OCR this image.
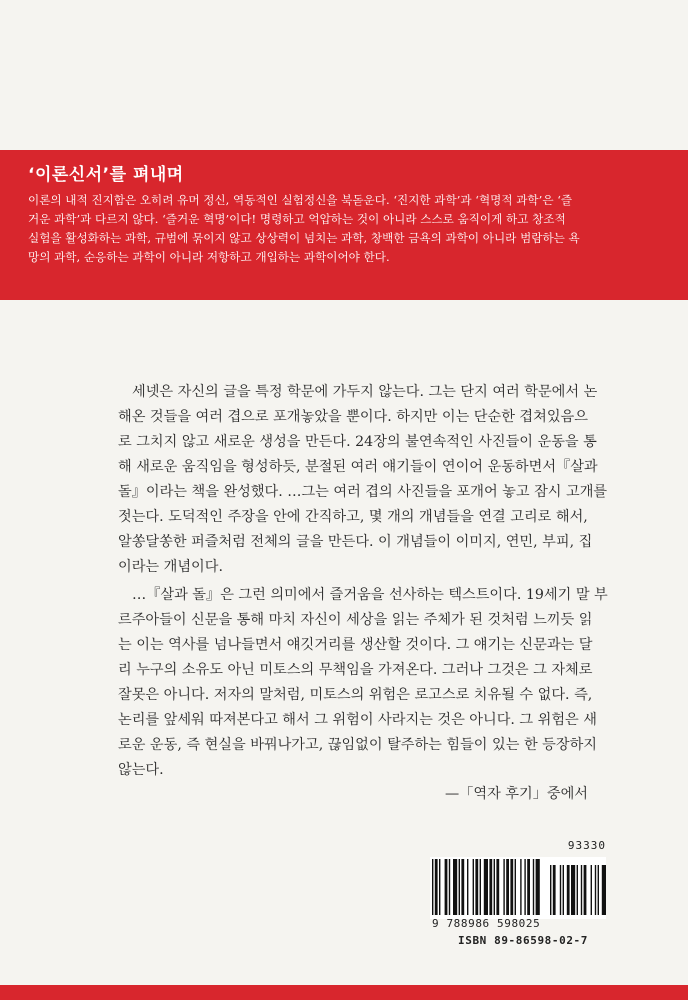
‘이론신서’를 펴내며

이론의 내적 진지함은 오히려 유머 정신, 역동적인 실험정신을 북돋운다. ‘진지한 과학’과 ‘혁명적 과학’은 ‘즐
거운 과학’과 다르지 않다. ‘즐거운 혁명’이다! 명령하고 억압하는 것이 아니라 스스로 움직이게 하고 창조적
실험을 활성화하는 과학, 규범에 묶이지 않고 상상력이 넘치는 과학, 창백한 금욕의 과학이 아니라 범람하는 욕
망의 과학, 순응하는 과학이 아니라 저항하고 개입하는 과학이어야 한다.

세넷은 자신의 글을 특정 학문에 가두지 않는다. 그는 단지 여러 학문에서 논
해온 것들을 여러 겹으로 포개놓았을 뿐이다. 하지만 이는 단순한 겹쳐있음으
로 그치지 않고 새로운 생성을 만든다. 24장의 불연속적인 사진들이 운동을 통
해 새로운 움직임을 형성하듯, 분절된 여러 얘기들이 연이어 운동하면서『살과
돌』이라는 책을 완성했다. …그는 여러 겹의 사진들을 포개어 놓고 잠시 고개를
젓는다. 도덕적인 주장을 안에 간직하고, 몇 개의 개념들을 연결 고리로 해서,
알쏭달쏭한 퍼즐처럼 전체의 글을 만든다. 이 개념들이 이미지, 연민, 부피, 집
이라는 개념이다.
…『살과 돌』은 그런 의미에서 즐거움을 선사하는 텍스트이다. 19세기 말 부
르주아들이 신문을 통해 마치 자신이 세상을 읽는 주체가 된 것처럼 느끼듯 읽
는 이는 역사를 넘나들면서 얘깃거리를 생산할 것이다. 그 얘기는 신문과는 달
리 누구의 소유도 아닌 미토스의 무책임을 가져온다. 그러나 그것은 그 자체로
잘못은 아니다. 저자의 말처럼, 미토스의 위험은 로고스로 치유될 수 없다. 즉,
논리를 앞세워 따져본다고 해서 그 위험이 사라지는 것은 아니다. 그 위험은 새
로운 운동, 즉 현실을 바꿔나가고, 끊임없이 탈주하는 힘들이 있는 한 등장하지
않는다.
—「역자 후기」중에서
93330
9 788986 598025
ISBN 89-86598-02-7
